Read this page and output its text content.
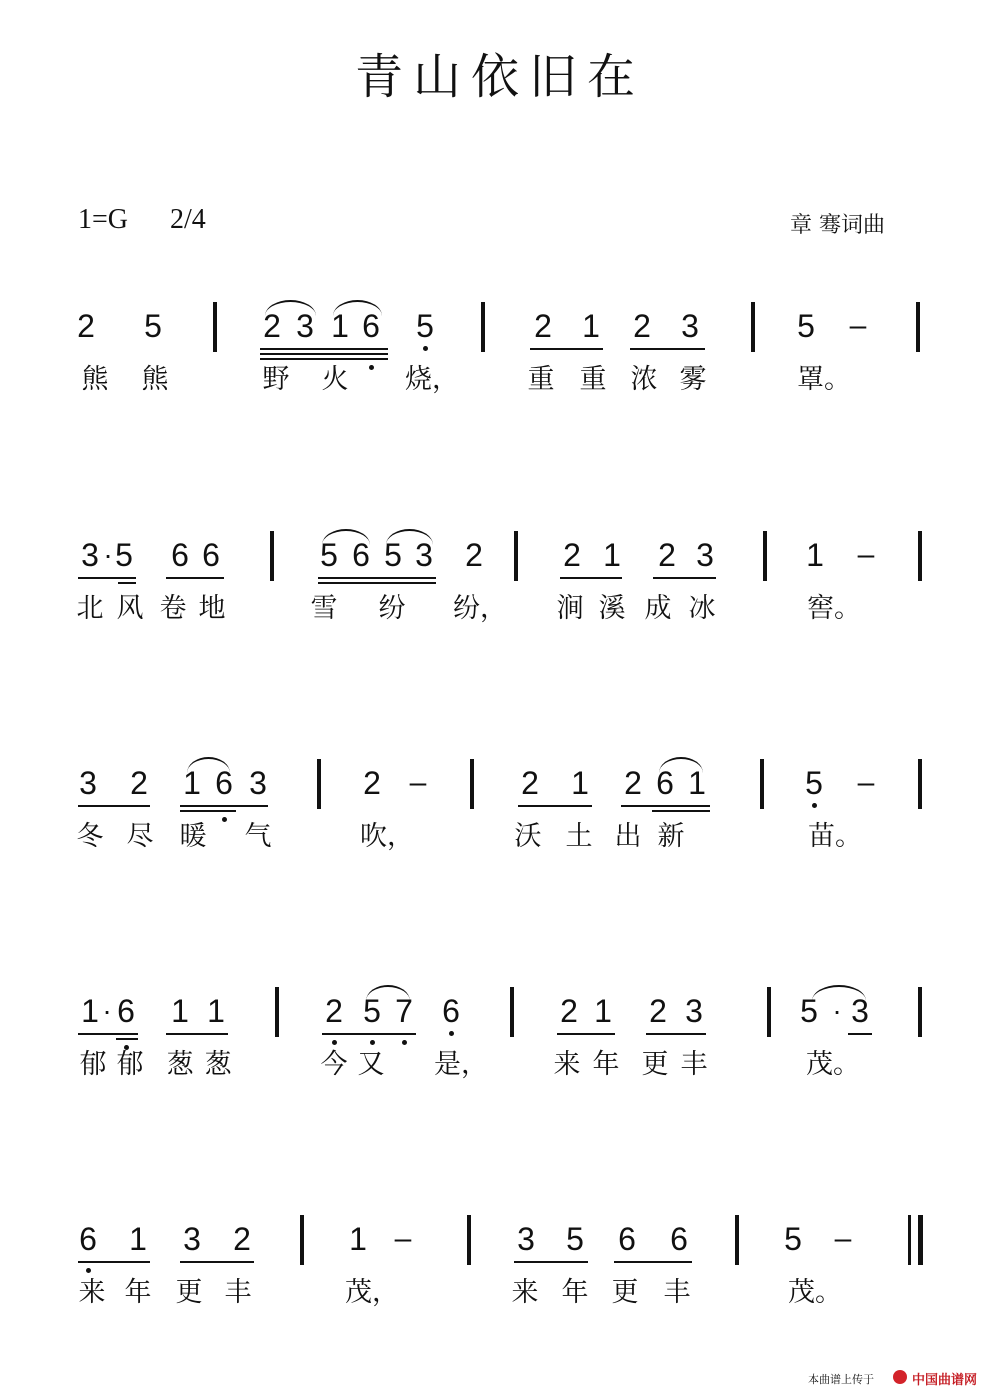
青山依旧在
1=G 2/4	章 骞词曲
2 5	2 3 1 6 5	2 1 2 3	5 –
熊 熊	野 火 烧，	重 重 浓 雾	罩。
3 · 5 6 6	5 6 5 3 2	2 1 2 3	1 –
北 风 卷 地	雪 纷 纷， 涧 溪 成 冰	窖。
3 2 1 6 3	2 –	2 1 2 6 1	5 –
冬 尽 暖 气	吹，	沃 土 出 新	苗。
1 · 6 1 1	2 5 7 6	2 1 2 3	5 · 3
郁 郁 葱 葱	今 又 是， 来 年 更 丰	茂。
6 1 3 2	1 –	3 5 6 6	5 –
来 年 更 丰	茂，	来 年 更 丰	茂。
本曲谱上传于	中国曲谱网
